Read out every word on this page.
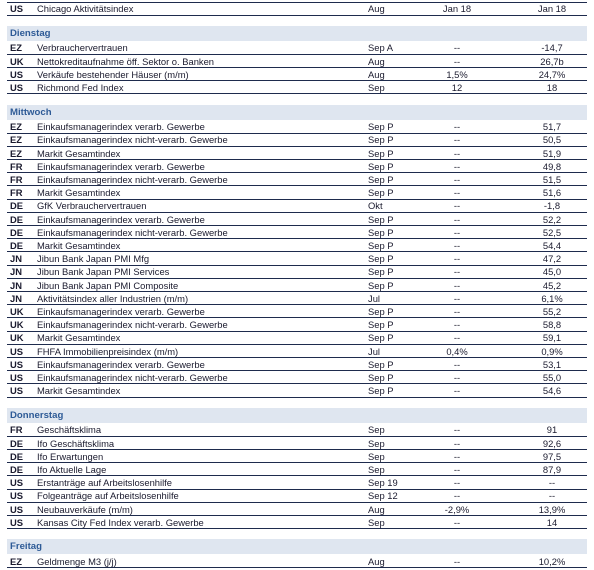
US Chicago Aktivitätsindex	Aug	Jan 18	Jan 18
Dienstag
EZ Verbrauchervertrauen	Sep A	--	-14,7
UK Nettokreditaufnahme öff. Sektor o. Banken	Aug	--	26,7b
US Verkäufe bestehender Häuser (m/m)	Aug	1,5%	24,7%
US Richmond Fed Index	Sep	12	18
Mittwoch
EZ Einkaufsmanagerindex verarb. Gewerbe	Sep P	--	51,7
EZ Einkaufsmanagerindex nicht-verarb. Gewerbe	Sep P	--	50,5
EZ Markit Gesamtindex	Sep P	--	51,9
FR Einkaufsmanagerindex verarb. Gewerbe	Sep P	--	49,8
FR Einkaufsmanagerindex nicht-verarb. Gewerbe	Sep P	--	51,5
FR Markit Gesamtindex	Sep P	--	51,6
DE GfK Verbrauchervertrauen	Okt	--	-1,8
DE Einkaufsmanagerindex verarb. Gewerbe	Sep P	--	52,2
DE Einkaufsmanagerindex nicht-verarb. Gewerbe	Sep P	--	52,5
DE Markit Gesamtindex	Sep P	--	54,4
JN Jibun Bank Japan PMI Mfg	Sep P	--	47,2
JN Jibun Bank Japan PMI Services	Sep P	--	45,0
JN Jibun Bank Japan PMI Composite	Sep P	--	45,2
JN Aktivitätsindex aller Industrien (m/m)	Jul	--	6,1%
UK Einkaufsmanagerindex verarb. Gewerbe	Sep P	--	55,2
UK Einkaufsmanagerindex nicht-verarb. Gewerbe	Sep P	--	58,8
UK Markit Gesamtindex	Sep P	--	59,1
US FHFA Immobilienpreisindex (m/m)	Jul	0,4%	0,9%
US Einkaufsmanagerindex verarb. Gewerbe	Sep P	--	53,1
US Einkaufsmanagerindex nicht-verarb. Gewerbe	Sep P	--	55,0
US Markit Gesamtindex	Sep P	--	54,6
Donnerstag
FR Geschäftsklima	Sep	--	91
DE Ifo Geschäftsklima	Sep	--	92,6
DE Ifo Erwartungen	Sep	--	97,5
DE Ifo Aktuelle Lage	Sep	--	87,9
US Erstanträge auf Arbeitslosenhilfe	Sep 19	--	--
US Folgeanträge auf Arbeitslosenhilfe	Sep 12	--	--
US Neubauverkäufe (m/m)	Aug	-2,9%	13,9%
US Kansas City Fed Index verarb. Gewerbe	Sep	--	14
Freitag
EZ Geldmenge M3 (j/j)	Aug	--	10,2%
